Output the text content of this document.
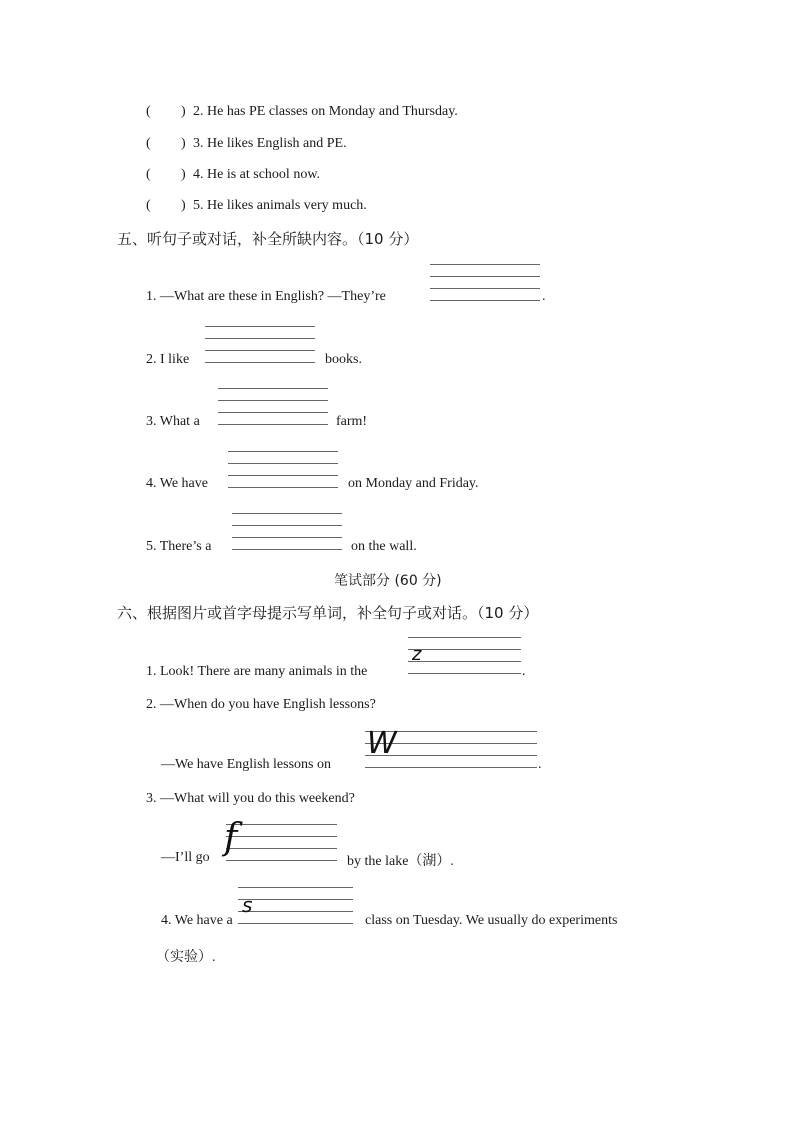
( ) 2. He has PE classes on Monday and Thursday.
( ) 3. He likes English and PE.
( ) 4. He is at school now.
( ) 5. He likes animals very much.
五、听句子或对话，补全所缺内容。（10 分）
1. —What are these in English? —They’re	.
2. I like	books.
3. What a	farm!
4. We have	on Monday and Friday.
5. There’s a	on the wall.
笔试部分 (60 分)
六、根据图片或首字母提示写单词，补全句子或对话。（10 分）
1. Look! There are many animals in the
z
.
2. —When do you have English lessons?
—We have English lessons on
W
.
3. —What will you do this weekend?
—I’ll go f
by the lake（湖）.
4. We have a
s
class on Tuesday. We usually do experiments
（实验）.
